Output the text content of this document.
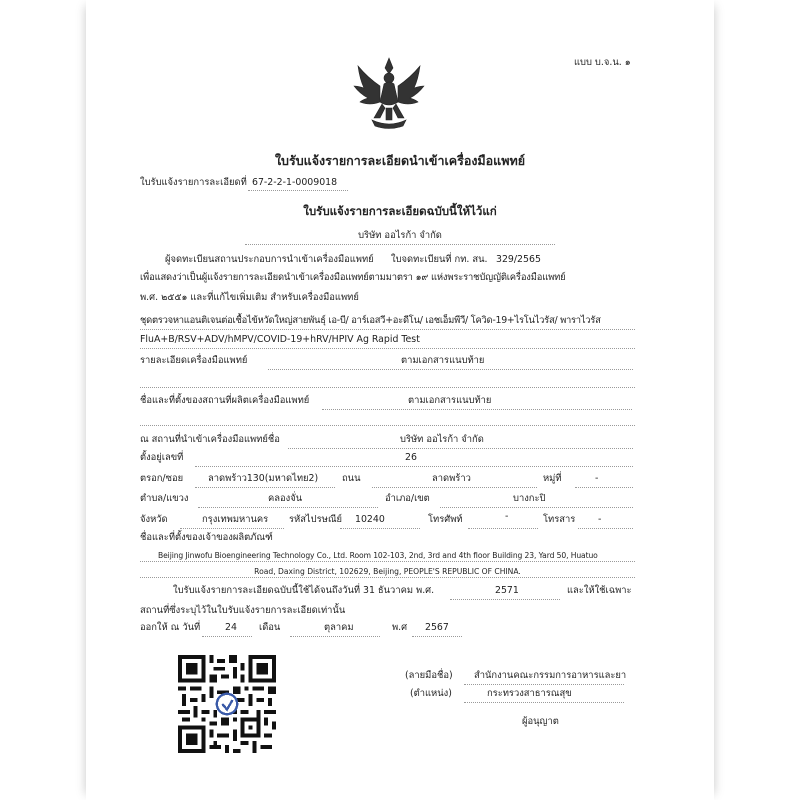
แบบ บ.จ.น. ๑
ใบรับแจ้งรายการละเอียดนำเข้าเครื่องมือแพทย์
ใบรับแจ้งรายการละเอียดที่ 67-2-2-1-0009018
ใบรับแจ้งรายการละเอียดฉบับนี้ให้ไว้แก่
บริษัท ออไรก้า จำกัด
ผู้จดทะเบียนสถานประกอบการนำเข้าเครื่องมือแพทย์ ใบจดทะเบียนที่ กท. สน. 329/2565
เพื่อแสดงว่าเป็นผู้แจ้งรายการละเอียดนำเข้าเครื่องมือแพทย์ตามมาตรา ๑๙ แห่งพระราชบัญญัติเครื่องมือแพทย์
พ.ศ. ๒๕๕๑ และที่แก้ไขเพิ่มเติม สำหรับเครื่องมือแพทย์
ชุดตรวจหาแอนติเจนต่อเชื้อไข้หวัดใหญ่สายพันธุ์ เอ-บี/ อาร์เอสวี+อะดีโน/ เอชเอ็มพีวี/ โควิด-19+ไรโนไวรัส/ พาราไวรัส
FluA+B/RSV+ADV/hMPV/COVID-19+hRV/HPIV Ag Rapid Test
รายละเอียดเครื่องมือแพทย์	ตามเอกสารแนบท้าย
ชื่อและที่ตั้งของสถานที่ผลิตเครื่องมือแพทย์	ตามเอกสารแนบท้าย
ณ สถานที่นำเข้าเครื่องมือแพทย์ชื่อ	บริษัท ออไรก้า จำกัด
ตั้งอยู่เลขที่	26
ตรอก/ซอย	ลาดพร้าว130(มหาดไทย2)	ถนน	ลาดพร้าว	หมู่ที่	-
ตำบล/แขวง	คลองจั่น	อำเภอ/เขต	บางกะปิ
จังหวัด	กรุงเทพมหานคร รหัสไปรษณีย์ 10240	โทรศัพท์	-	โทรสาร -
ชื่อและที่ตั้งของเจ้าของผลิตภัณฑ์
Beijing Jinwofu Bioengineering Technology Co., Ltd. Room 102-103, 2nd, 3rd and 4th floor Building 23, Yard 50, Huatuo
Road, Daxing District, 102629, Beijing, PEOPLE'S REPUBLIC OF CHINA.
ใบรับแจ้งรายการละเอียดฉบับนี้ใช้ได้จนถึงวันที่ 31 ธันวาคม พ.ศ.	2571	และให้ใช้เฉพาะ
สถานที่ซึ่งระบุไว้ในใบรับแจ้งรายการละเอียดเท่านั้น
ออกให้ ณ วันที่	24 เดือน	ตุลาคม	พ.ศ 2567
(ลายมือชื่อ) สำนักงานคณะกรรมการอาหารและยา
(ตำแหน่ง)	กระทรวงสาธารณสุข
ผู้อนุญาต
